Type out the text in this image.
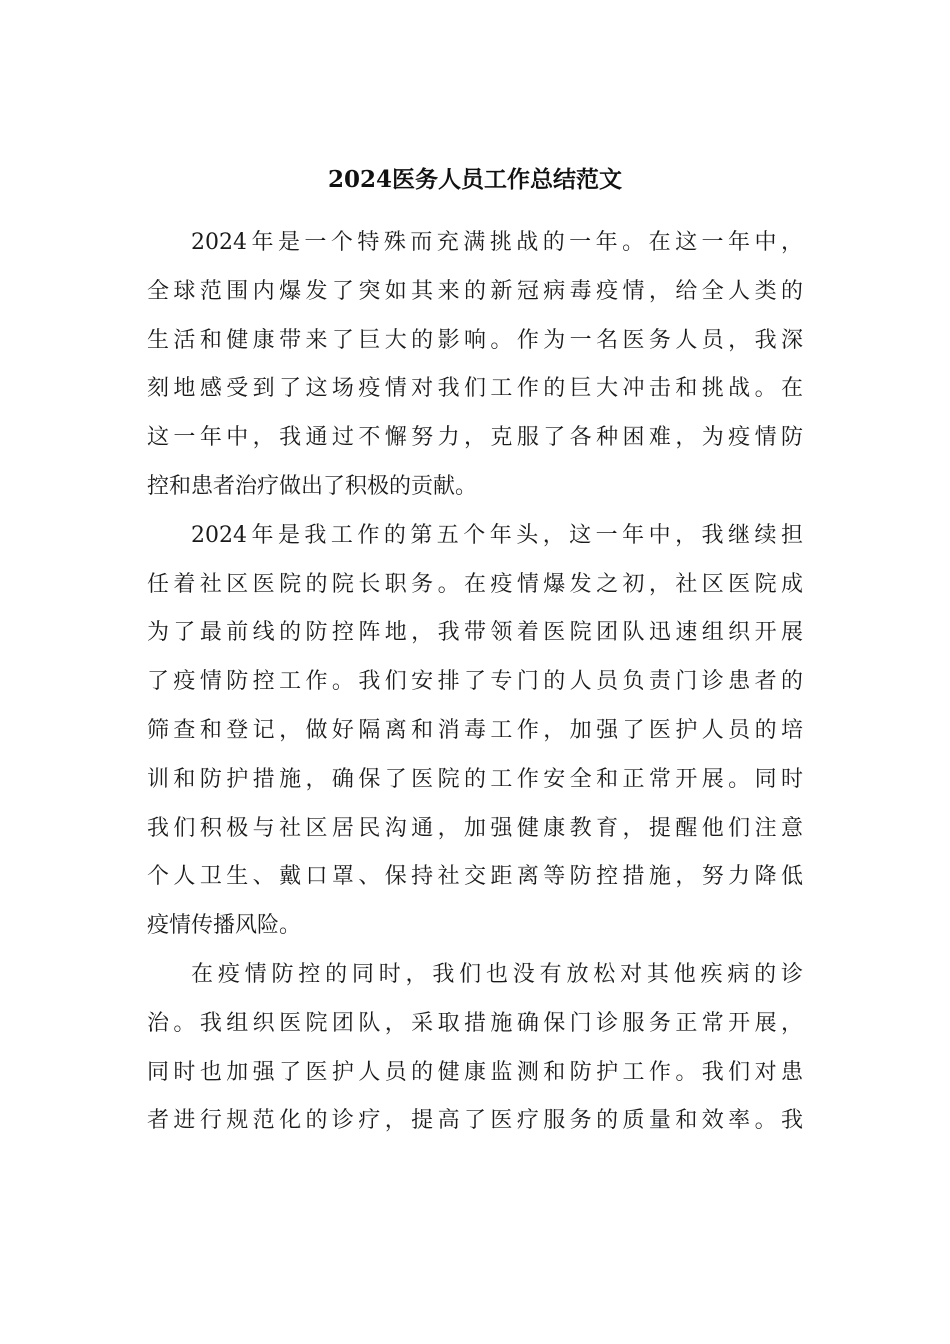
2024医务人员工作总结范文

2024年是一个特殊而充满挑战的一年。在这一年中，
全球范围内爆发了突如其来的新冠病毒疫情，给全人类的
生活和健康带来了巨大的影响。作为一名医务人员，我深
刻地感受到了这场疫情对我们工作的巨大冲击和挑战。在
这一年中，我通过不懈努力，克服了各种困难，为疫情防
控和患者治疗做出了积极的贡献。

2024年是我工作的第五个年头，这一年中，我继续担
任着社区医院的院长职务。在疫情爆发之初，社区医院成
为了最前线的防控阵地，我带领着医院团队迅速组织开展
了疫情防控工作。我们安排了专门的人员负责门诊患者的
筛查和登记，做好隔离和消毒工作，加强了医护人员的培
训和防护措施，确保了医院的工作安全和正常开展。同时
我们积极与社区居民沟通，加强健康教育，提醒他们注意
个人卫生、戴口罩、保持社交距离等防控措施，努力降低
疫情传播风险。

在疫情防控的同时，我们也没有放松对其他疾病的诊
治。我组织医院团队，采取措施确保门诊服务正常开展，
同时也加强了医护人员的健康监测和防护工作。我们对患
者进行规范化的诊疗，提高了医疗服务的质量和效率。我
